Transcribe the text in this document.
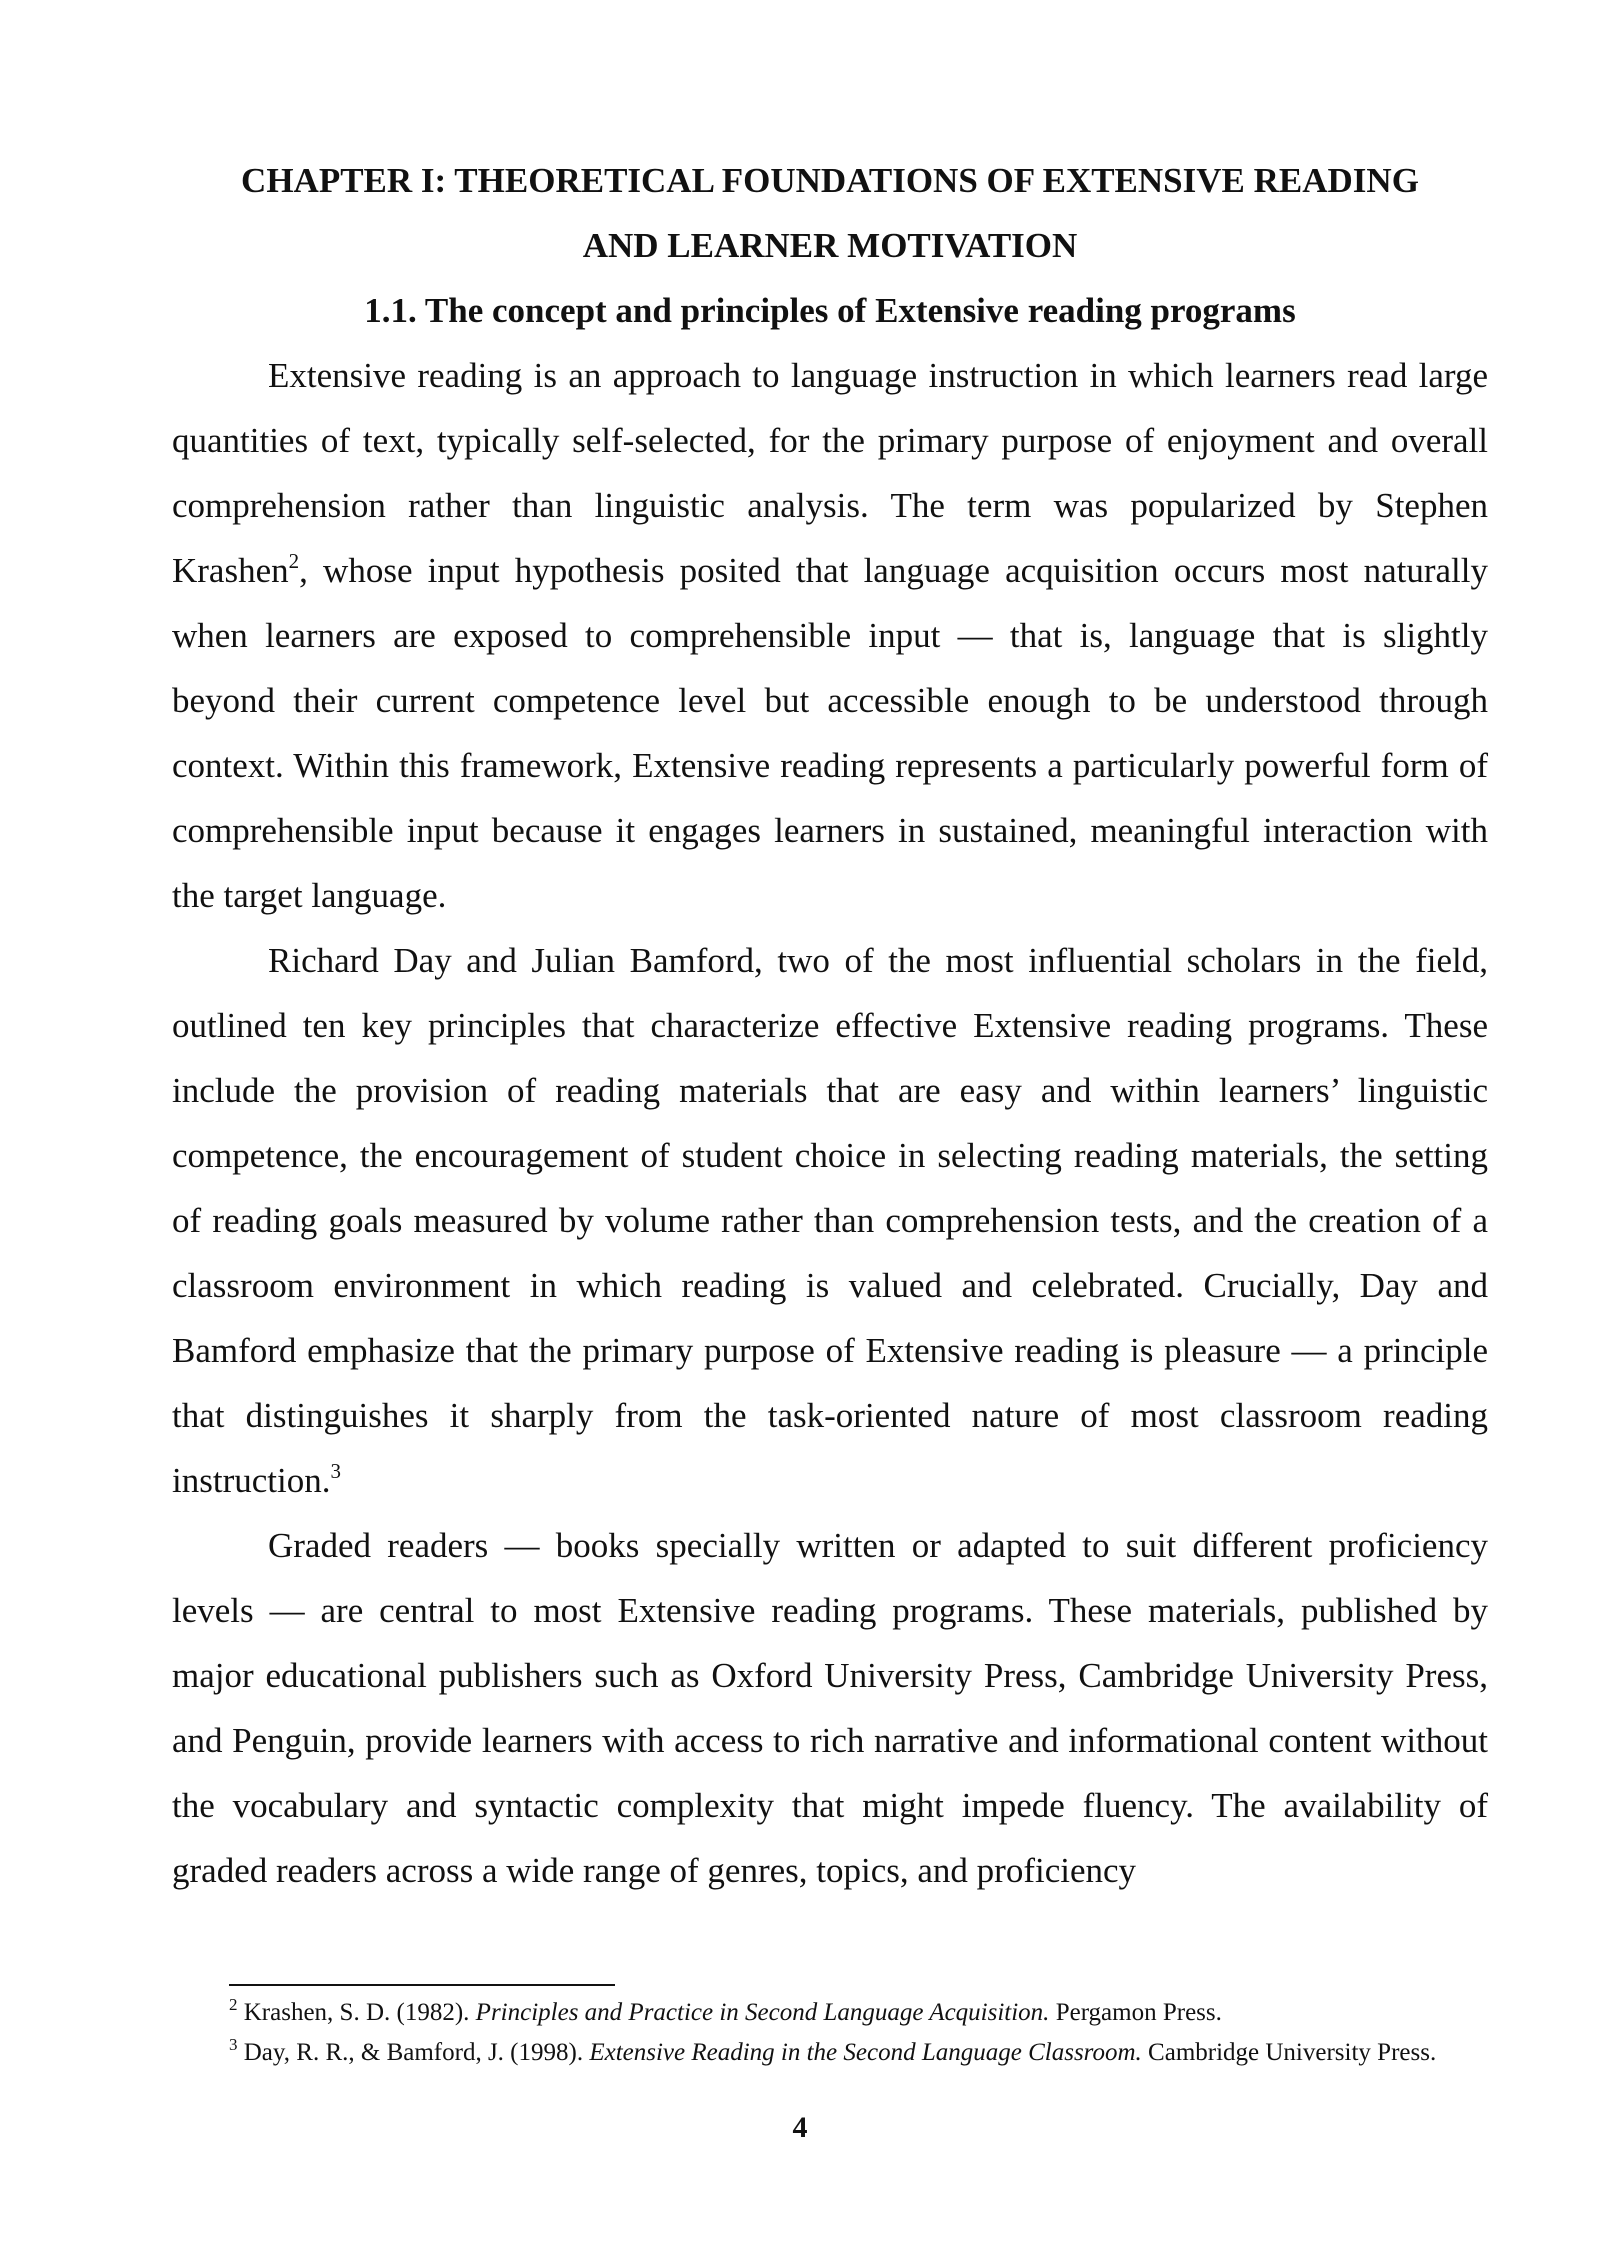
CHAPTER I: THEORETICAL FOUNDATIONS OF EXTENSIVE READING
AND LEARNER MOTIVATION
1.1. The concept and principles of Extensive reading programs

Extensive reading is an approach to language instruction in which learners read large quantities of text, typically self-selected, for the primary purpose of enjoyment and overall comprehension rather than linguistic analysis. The term was popularized by Stephen Krashen$^2$, whose input hypothesis posited that language acquisition occurs most naturally when learners are exposed to comprehensible input — that is, language that is slightly beyond their current competence level but accessible enough to be understood through context. Within this framework, Extensive reading represents a particularly powerful form of comprehensible input because it engages learners in sustained, meaningful interaction with the target language.

Richard Day and Julian Bamford, two of the most influential scholars in the field, outlined ten key principles that characterize effective Extensive reading programs. These include the provision of reading materials that are easy and within learners’ linguistic competence, the encouragement of student choice in selecting reading materials, the setting of reading goals measured by volume rather than comprehension tests, and the creation of a classroom environment in which reading is valued and celebrated. Crucially, Day and Bamford emphasize that the primary purpose of Extensive reading is pleasure — a principle that distinguishes it sharply from the task-oriented nature of most classroom reading instruction.$^3$

Graded readers — books specially written or adapted to suit different proficiency levels — are central to most Extensive reading programs. These materials, published by major educational publishers such as Oxford University Press, Cambridge University Press, and Penguin, provide learners with access to rich narrative and informational content without the vocabulary and syntactic complexity that might impede fluency. The availability of graded readers across a wide range of genres, topics, and proficiency

$^2$ Krashen, S. D. (1982). Principles and Practice in Second Language Acquisition. Pergamon Press.

$^3$ Day, R. R., & Bamford, J. (1998). Extensive Reading in the Second Language Classroom. Cambridge University Press.

4
